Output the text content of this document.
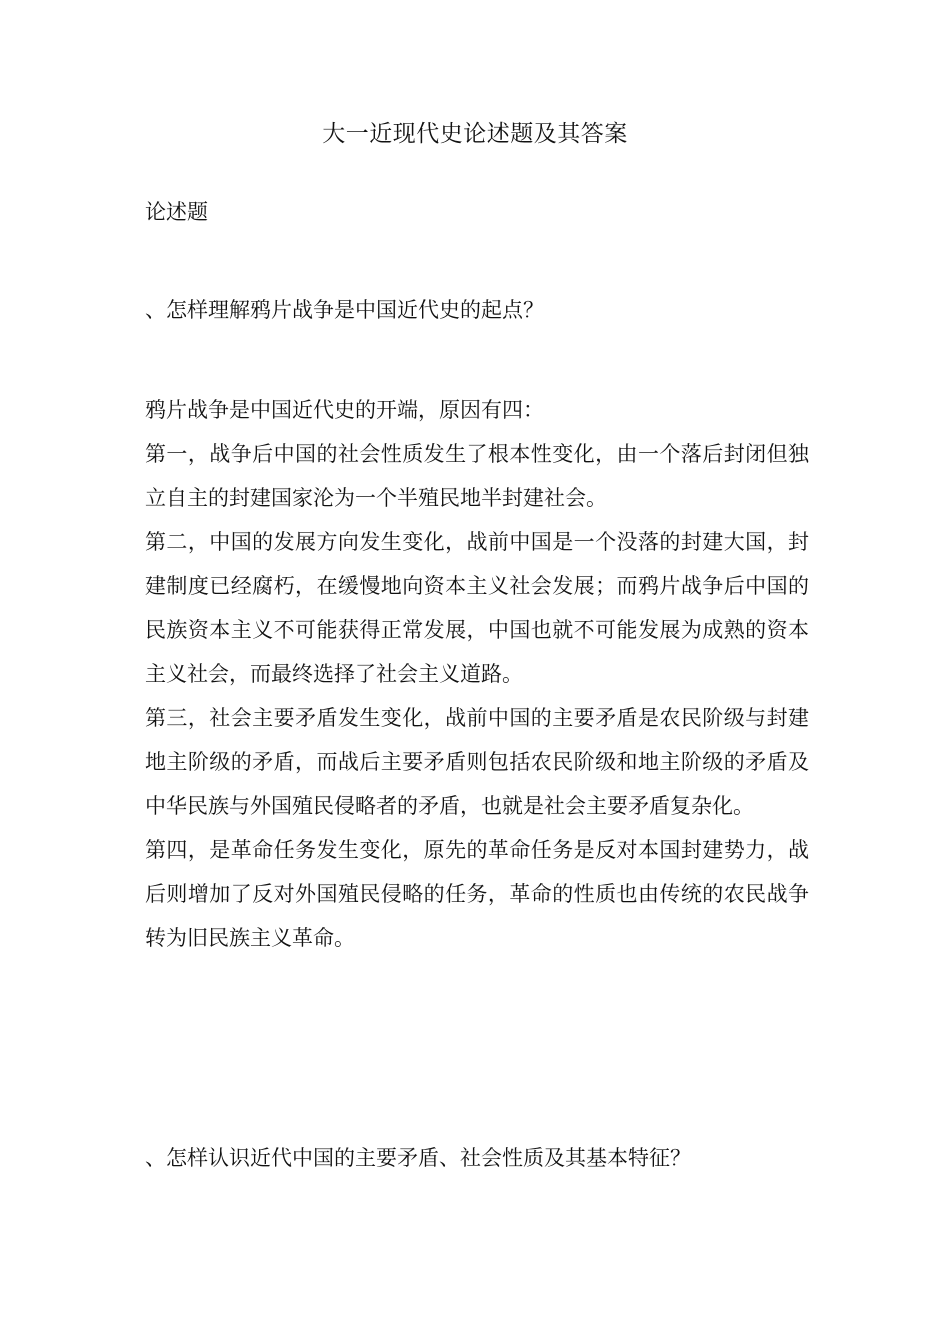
大一近现代史论述题及其答案
论述题
、怎样理解鸦片战争是中国近代史的起点？

鸦片战争是中国近代史的开端，原因有四：

第一，战争后中国的社会性质发生了根本性变化，由一个落后封闭但独立自主的封建国家沦为一个半殖民地半封建社会。

第二，中国的发展方向发生变化，战前中国是一个没落的封建大国，封建制度已经腐朽，在缓慢地向资本主义社会发展；而鸦片战争后中国的民族资本主义不可能获得正常发展，中国也就不可能发展为成熟的资本主义社会，而最终选择了社会主义道路。

第三，社会主要矛盾发生变化，战前中国的主要矛盾是农民阶级与封建地主阶级的矛盾，而战后主要矛盾则包括农民阶级和地主阶级的矛盾及中华民族与外国殖民侵略者的矛盾，也就是社会主要矛盾复杂化。

第四，是革命任务发生变化，原先的革命任务是反对本国封建势力，战后则增加了反对外国殖民侵略的任务，革命的性质也由传统的农民战争转为旧民族主义革命。

、怎样认识近代中国的主要矛盾、社会性质及其基本特征？
